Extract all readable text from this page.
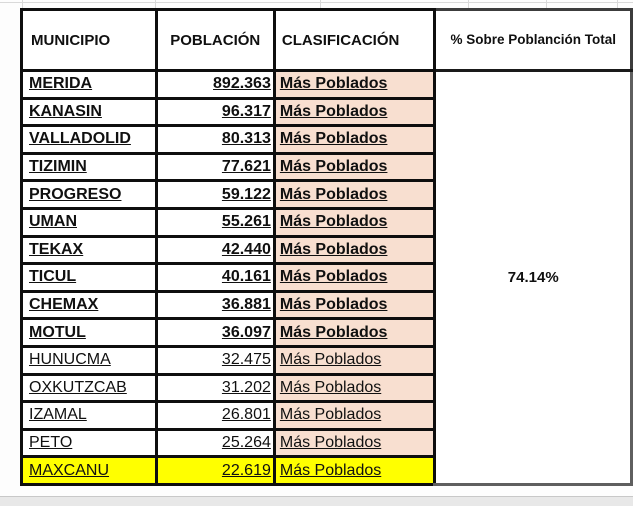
MUNICIPIO	POBLACIÓN	CLASIFICACIÓN	% Sobre Poblanción Total
MERIDA	892.363	Más Poblados	74.14%
KANASIN	96.317	Más Poblados	
VALLADOLID	80.313	Más Poblados	
TIZIMIN	77.621	Más Poblados	
PROGRESO	59.122	Más Poblados	
UMAN	55.261	Más Poblados	
TEKAX	42.440	Más Poblados	
TICUL	40.161	Más Poblados	
CHEMAX	36.881	Más Poblados	
MOTUL	36.097	Más Poblados	
HUNUCMA	32.475	Más Poblados	
OXKUTZCAB	31.202	Más Poblados	
IZAMAL	26.801	Más Poblados	
PETO	25.264	Más Poblados	
MAXCANU	22.619	Más Poblados	
